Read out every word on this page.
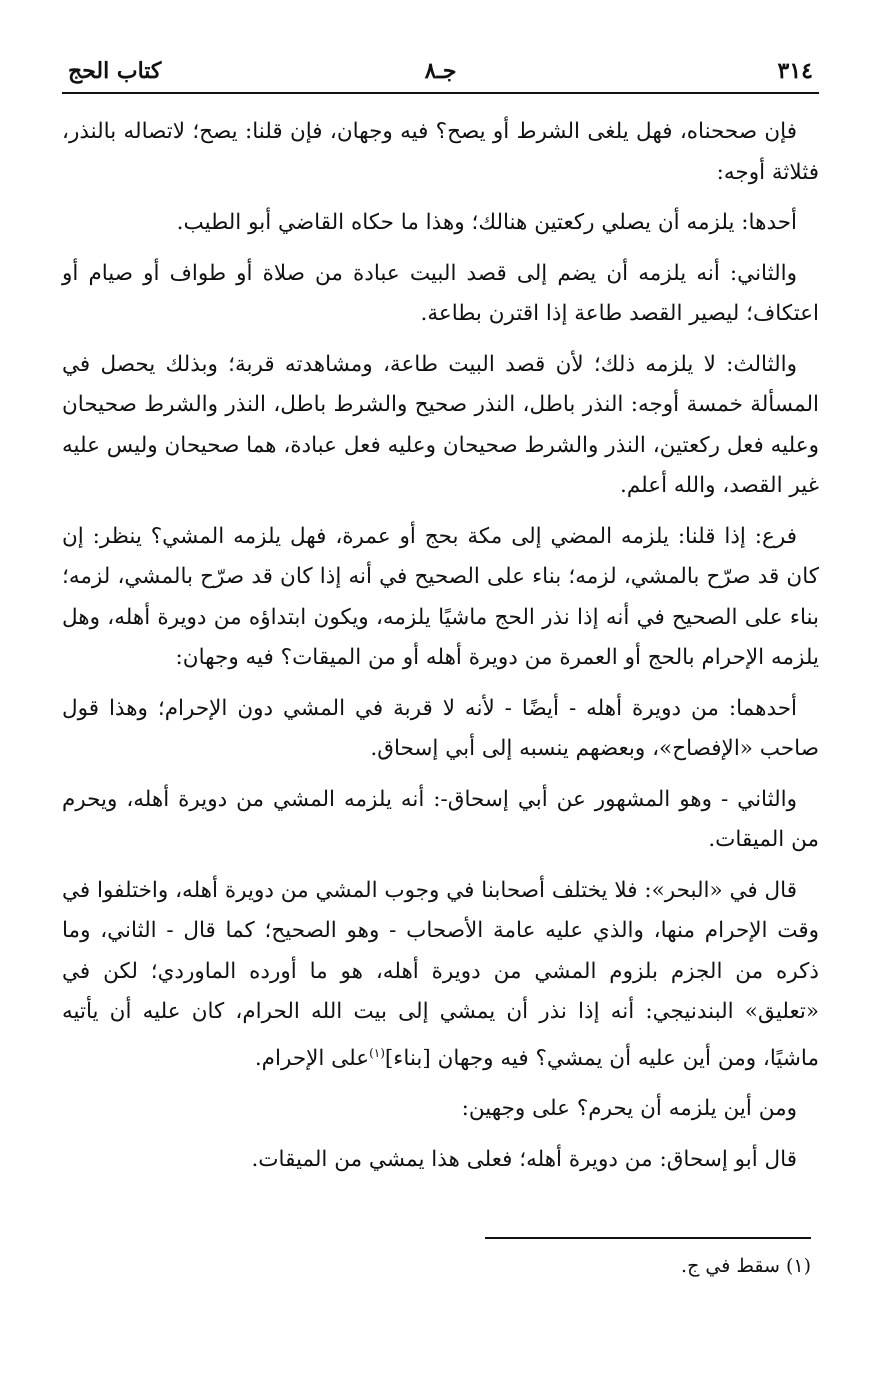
٣١٤
جـ٨
كتاب الحج

فإن صححناه، فهل يلغى الشرط أو يصح؟ فيه وجهان، فإن قلنا: يصح؛ لاتصاله بالنذر، فثلاثة أوجه:

أحدها: يلزمه أن يصلي ركعتين هنالك؛ وهذا ما حكاه القاضي أبو الطيب.

والثاني: أنه يلزمه أن يضم إلى قصد البيت عبادة من صلاة أو طواف أو صيام أو اعتكاف؛ ليصير القصد طاعة إذا اقترن بطاعة.

والثالث: لا يلزمه ذلك؛ لأن قصد البيت طاعة، ومشاهدته قربة؛ وبذلك يحصل في المسألة خمسة أوجه: النذر باطل، النذر صحيح والشرط باطل، النذر والشرط صحيحان وعليه فعل ركعتين، النذر والشرط صحيحان وعليه فعل عبادة، هما صحيحان وليس عليه غير القصد، والله أعلم.

فرع: إذا قلنا: يلزمه المضي إلى مكة بحج أو عمرة، فهل يلزمه المشي؟ ينظر: إن كان قد صرّح بالمشي، لزمه؛ بناء على الصحيح في أنه إذا كان قد صرّح بالمشي، لزمه؛ بناء على الصحيح في أنه إذا نذر الحج ماشيًا يلزمه، ويكون ابتداؤه من دويرة أهله، وهل يلزمه الإحرام بالحج أو العمرة من دويرة أهله أو من الميقات؟ فيه وجهان:

أحدهما: من دويرة أهله - أيضًا - لأنه لا قربة في المشي دون الإحرام؛ وهذا قول صاحب «الإفصاح»، وبعضهم ينسبه إلى أبي إسحاق.

والثاني - وهو المشهور عن أبي إسحاق-: أنه يلزمه المشي من دويرة أهله، ويحرم من الميقات.

قال في «البحر»: فلا يختلف أصحابنا في وجوب المشي من دويرة أهله، واختلفوا في وقت الإحرام منها، والذي عليه عامة الأصحاب - وهو الصحيح؛ كما قال - الثاني، وما ذكره من الجزم بلزوم المشي من دويرة أهله، هو ما أورده الماوردي؛ لكن في «تعليق» البندنيجي: أنه إذا نذر أن يمشي إلى بيت الله الحرام، كان عليه أن يأتيه ماشيًا، ومن أين عليه أن يمشي؟ فيه وجهان [بناء]$^{(١)}$على الإحرام.

ومن أين يلزمه أن يحرم؟ على وجهين:

قال أبو إسحاق: من دويرة أهله؛ فعلى هذا يمشي من الميقات.

(١) سقط في ج.
